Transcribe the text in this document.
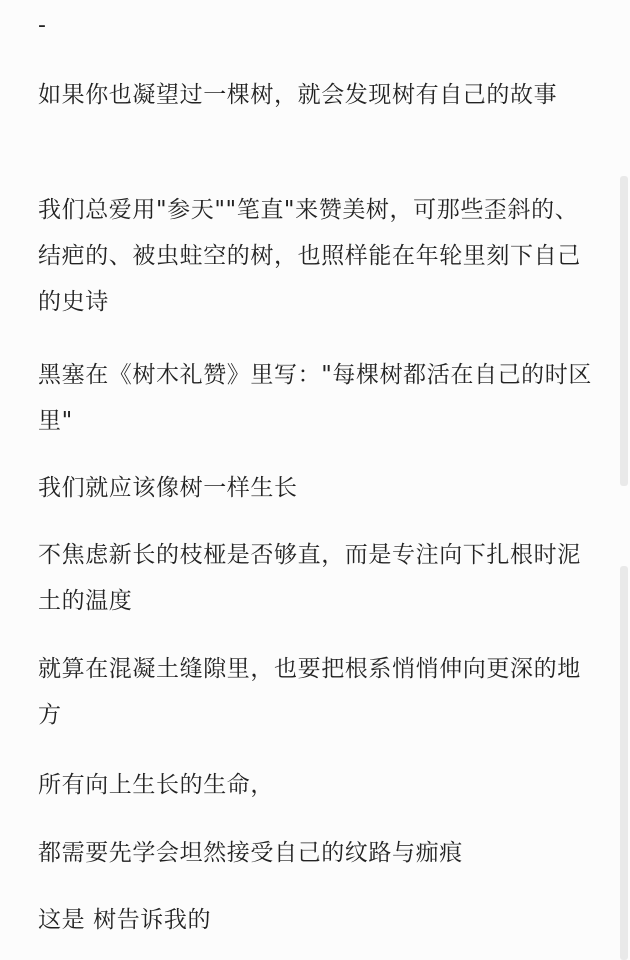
-

如果你也凝望过一棵树，就会发现树有自己的故事

我们总爱用"参天""笔直"来赞美树，可那些歪斜的、结疤的、被虫蛀空的树，也照样能在年轮里刻下自己的史诗

黑塞在《树木礼赞》里写："每棵树都活在自己的时区里"

我们就应该像树一样生长

不焦虑新长的枝桠是否够直，而是专注向下扎根时泥土的温度

就算在混凝土缝隙里，也要把根系悄悄伸向更深的地方

所有向上生长的生命，

都需要先学会坦然接受自己的纹路与痂痕

这是 树告诉我的
